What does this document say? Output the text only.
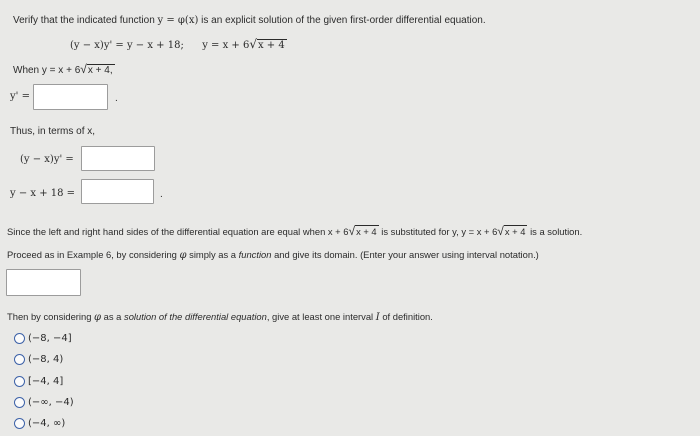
Verify that the indicated function y = φ(x) is an explicit solution of the given first-order differential equation.
(y − x)y' = y − x + 18; y = x + 6√x + 4
When y = x + 6√x + 4,
y' =	.
Thus, in terms of x,
(y − x)y' =
y − x + 18 =	.
Since the left and right hand sides of the differential equation are equal when x + 6√x + 4 is substituted for y, y = x + 6√x + 4 is a solution.
Proceed as in Example 6, by considering φ simply as a function and give its domain. (Enter your answer using interval notation.)
Then by considering φ as a solution of the differential equation, give at least one interval I of definition.
(−8, −4]
(−8, 4)
[−4, 4]
(−∞, −4)
(−4, ∞)
